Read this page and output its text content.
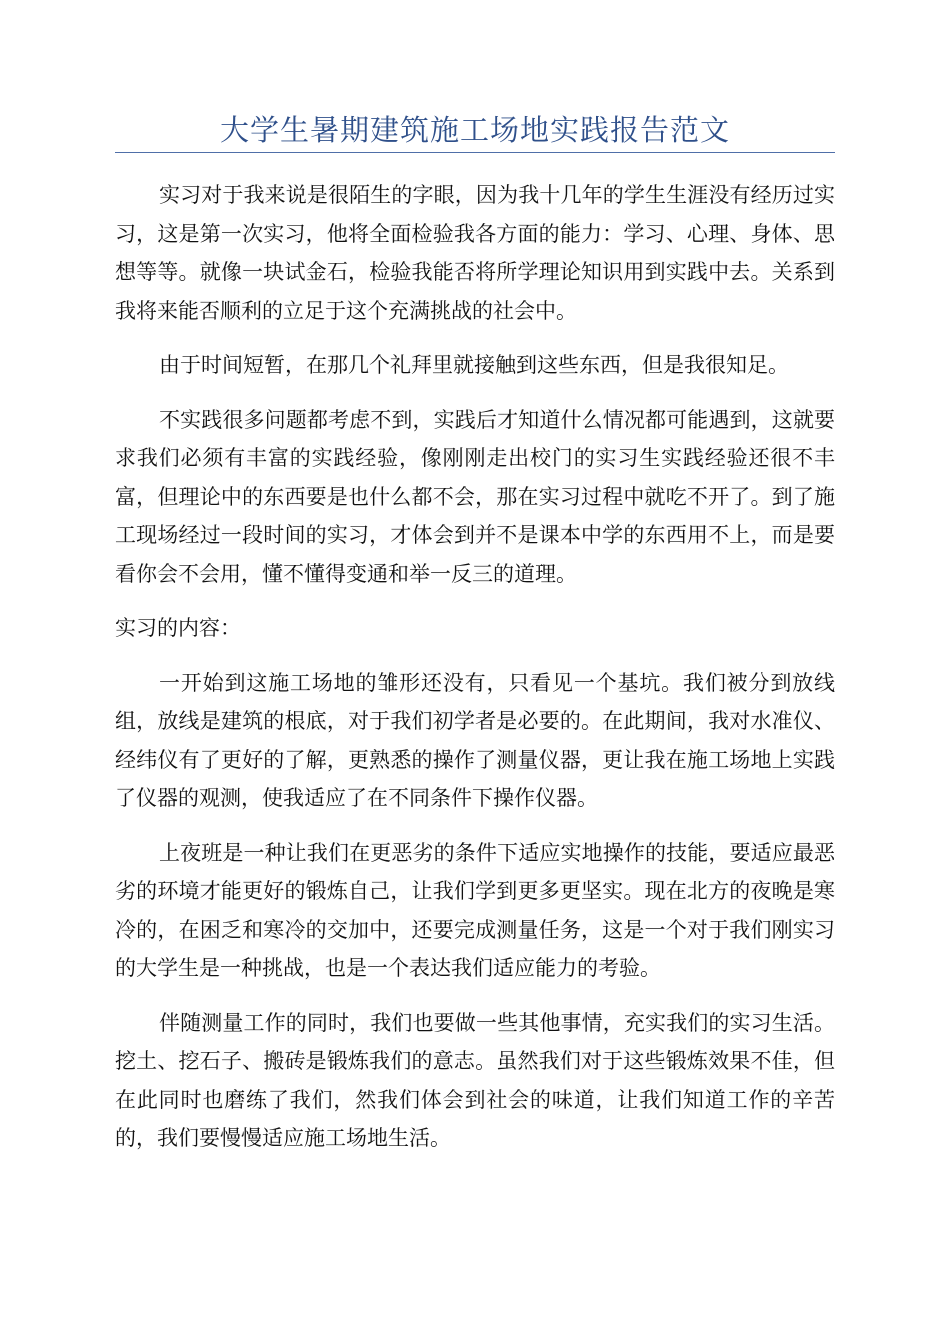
大学生暑期建筑施工场地实践报告范文

实习对于我来说是很陌生的字眼，因为我十几年的学生生涯没有经历过实习，这是第一次实习，他将全面检验我各方面的能力：学习、心理、身体、思想等等。就像一块试金石，检验我能否将所学理论知识用到实践中去。关系到我将来能否顺利的立足于这个充满挑战的社会中。

由于时间短暂，在那几个礼拜里就接触到这些东西，但是我很知足。

不实践很多问题都考虑不到，实践后才知道什么情况都可能遇到，这就要求我们必须有丰富的实践经验，像刚刚走出校门的实习生实践经验还很不丰富，但理论中的东西要是也什么都不会，那在实习过程中就吃不开了。到了施工现场经过一段时间的实习，才体会到并不是课本中学的东西用不上，而是要看你会不会用，懂不懂得变通和举一反三的道理。

实习的内容：

一开始到这施工场地的雏形还没有，只看见一个基坑。我们被分到放线组，放线是建筑的根底，对于我们初学者是必要的。在此期间，我对水准仪、经纬仪有了更好的了解，更熟悉的操作了测量仪器，更让我在施工场地上实践了仪器的观测，使我适应了在不同条件下操作仪器。

上夜班是一种让我们在更恶劣的条件下适应实地操作的技能，要适应最恶劣的环境才能更好的锻炼自己，让我们学到更多更坚实。现在北方的夜晚是寒冷的，在困乏和寒冷的交加中，还要完成测量任务，这是一个对于我们刚实习的大学生是一种挑战，也是一个表达我们适应能力的考验。

伴随测量工作的同时，我们也要做一些其他事情，充实我们的实习生活。挖土、挖石子、搬砖是锻炼我们的意志。虽然我们对于这些锻炼效果不佳，但在此同时也磨练了我们，然我们体会到社会的味道，让我们知道工作的辛苦的，我们要慢慢适应施工场地生活。
